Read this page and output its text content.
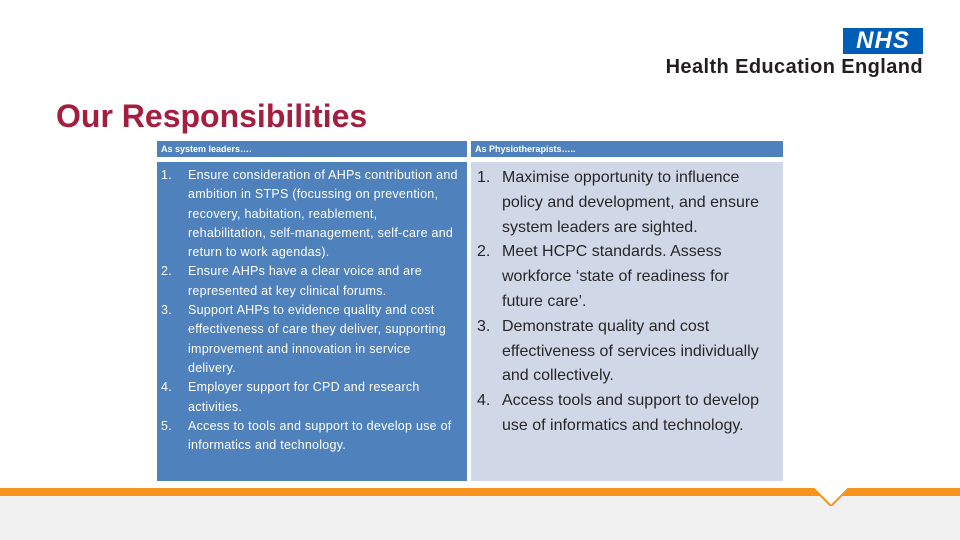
NHS
Health Education England
Our Responsibilities
As system leaders….
1. Ensure consideration of AHPs contribution and ambition in STPS (focussing on prevention, recovery, habitation, reablement, rehabilitation, self-management, self-care and return to work agendas).
2. Ensure AHPs have a clear voice and are represented at key clinical forums.
3. Support AHPs to evidence quality and cost effectiveness of care they deliver, supporting improvement and innovation in service delivery.
4. Employer support for CPD and research activities.
5. Access to tools and support to develop use of informatics and technology.
As Physiotherapists…..
1. Maximise opportunity to influence policy and development, and ensure system leaders are sighted.
2. Meet HCPC standards. Assess workforce ‘state of readiness for future care’.
3. Demonstrate quality and cost effectiveness of services individually and collectively.
4. Access tools and support to develop use of informatics and technology.
